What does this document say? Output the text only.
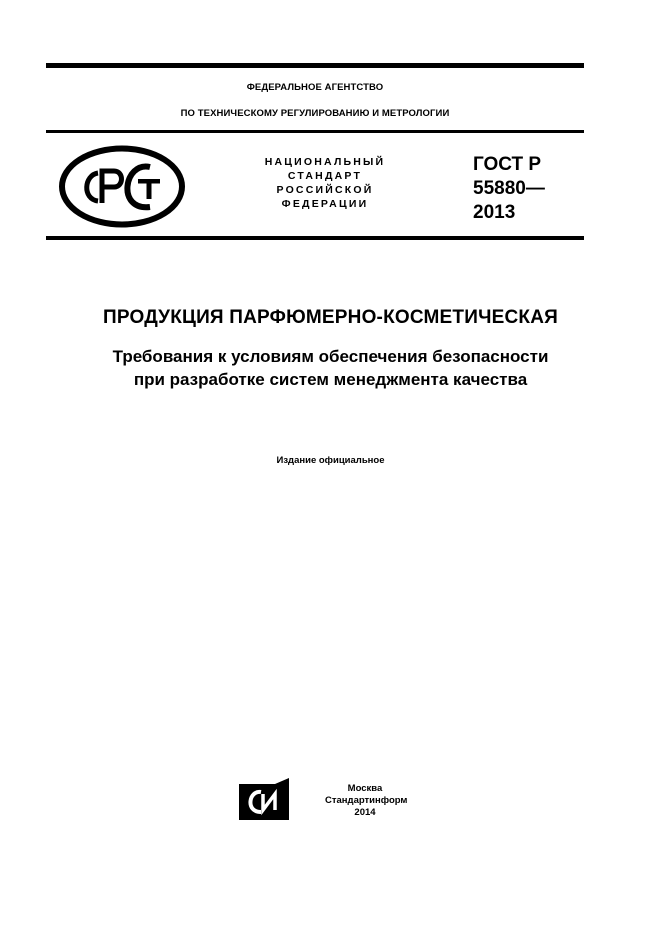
ФЕДЕРАЛЬНОЕ АГЕНТСТВО
ПО ТЕХНИЧЕСКОМУ РЕГУЛИРОВАНИЮ И МЕТРОЛОГИИ
НАЦИОНАЛЬНЫЙ
СТАНДАРТ
РОССИЙСКОЙ
ФЕДЕРАЦИИ
ГОСТ Р
55880—
2013
ПРОДУКЦИЯ ПАРФЮМЕРНО-КОСМЕТИЧЕСКАЯ
Требования к условиям обеспечения безопасности
при разработке систем менеджмента качества
Издание официальное
Москва
Стандартинформ
2014
